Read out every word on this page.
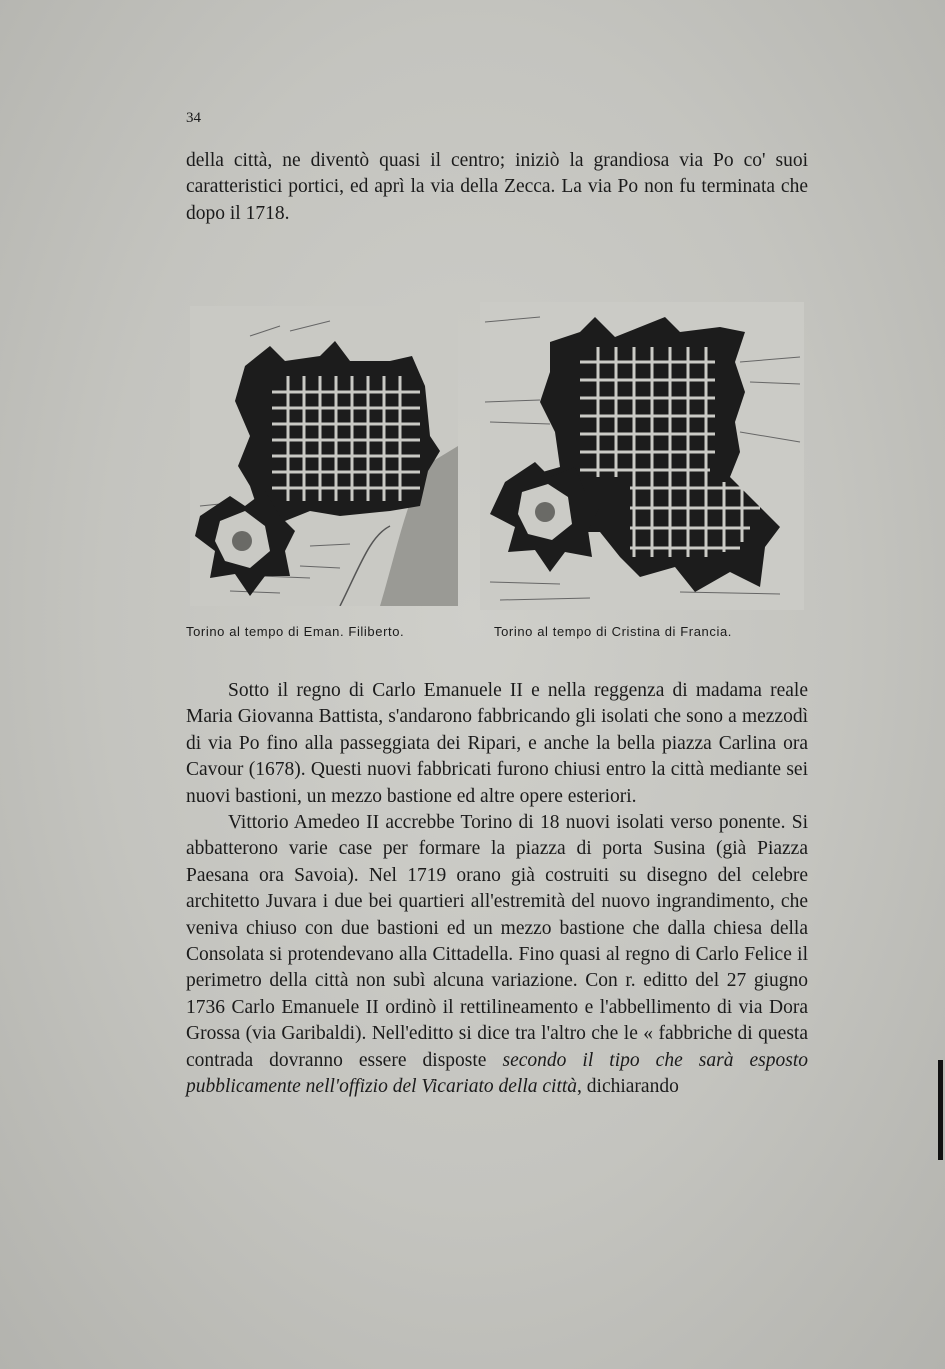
34

della città, ne diventò quasi il centro; iniziò la grandiosa via Po co' suoi caratteristici portici, ed aprì la via della Zecca. La via Po non fu terminata che dopo il 1718.

Torino al tempo di Eman. Filiberto.	Torino al tempo di Cristina di Francia.

Sotto il regno di Carlo Emanuele II e nella reggenza di madama reale Maria Giovanna Battista, s'andarono fabbricando gli isolati che sono a mezzodì di via Po fino alla passeggiata dei Ripari, e anche la bella piazza Carlina ora Cavour (1678). Questi nuovi fabbricati furono chiusi entro la città mediante sei nuovi bastioni, un mezzo bastione ed altre opere esteriori.

Vittorio Amedeo II accrebbe Torino di 18 nuovi isolati verso ponente. Si abbatterono varie case per formare la piazza di porta Susina (già Piazza Paesana ora Savoia). Nel 1719 orano già costruiti su disegno del celebre architetto Juvara i due bei quartieri all'estremità del nuovo ingrandimento, che veniva chiuso con due bastioni ed un mezzo bastione che dalla chiesa della Consolata si protendevano alla Cittadella. Fino quasi al regno di Carlo Felice il perimetro della città non subì alcuna variazione. Con r. editto del 27 giugno 1736 Carlo Emanuele II ordinò il rettilineamento e l'abbellimento di via Dora Grossa (via Garibaldi). Nell'editto si dice tra l'altro che le « fabbriche di questa contrada dovranno essere disposte secondo il tipo che sarà esposto pubblicamente nell'offizio del Vicariato della città, dichiarando
